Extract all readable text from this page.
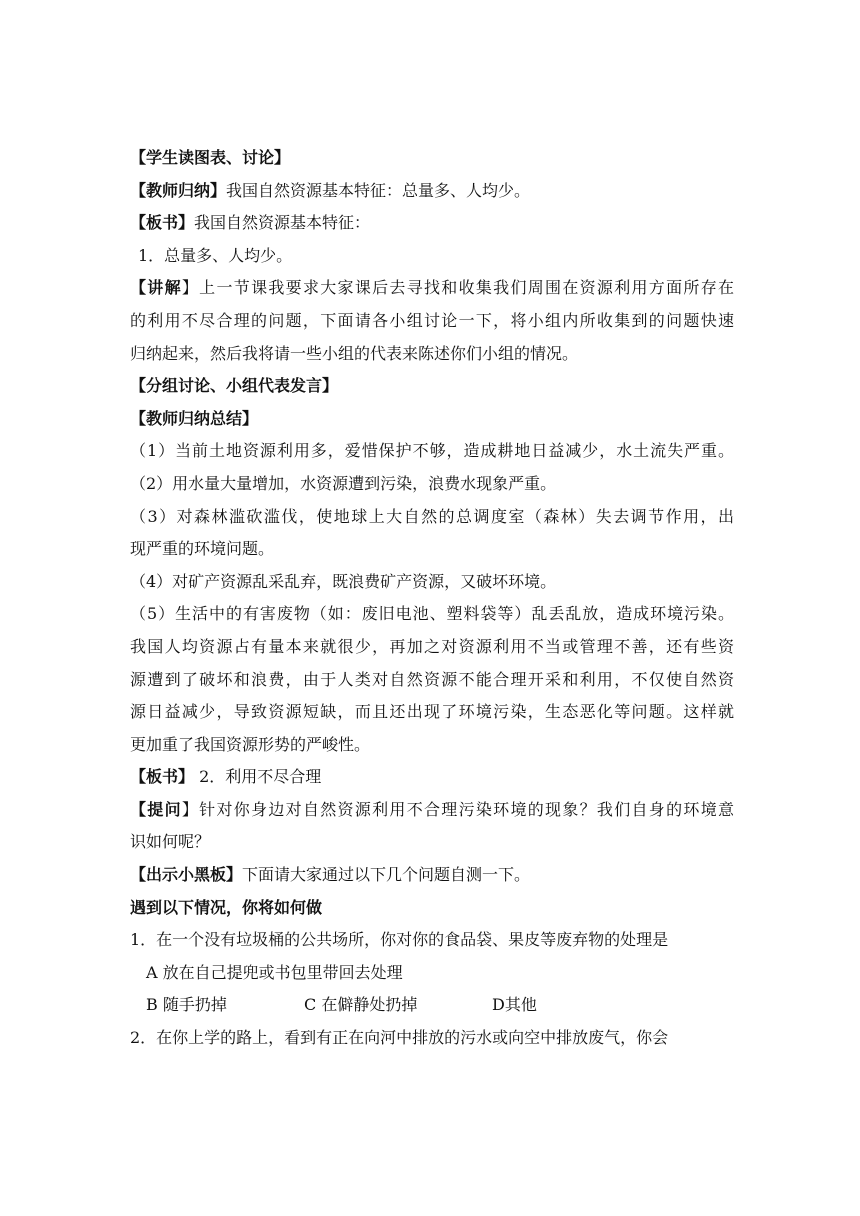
【学生读图表、讨论】
【教师归纳】我国自然资源基本特征：总量多、人均少。
【板书】我国自然资源基本特征：
1．总量多、人均少。
【讲解】上一节课我要求大家课后去寻找和收集我们周围在资源利用方面所存在
的利用不尽合理的问题，下面请各小组讨论一下，将小组内所收集到的问题快速
归纳起来，然后我将请一些小组的代表来陈述你们小组的情况。
【分组讨论、小组代表发言】
【教师归纳总结】
（1）当前土地资源利用多，爱惜保护不够，造成耕地日益减少，水土流失严重。
（2）用水量大量增加，水资源遭到污染，浪费水现象严重。
（3）对森林滥砍滥伐，使地球上大自然的总调度室（森林）失去调节作用，出
现严重的环境问题。
（4）对矿产资源乱采乱弃，既浪费矿产资源，又破坏环境。
（5）生活中的有害废物（如：废旧电池、塑料袋等）乱丢乱放，造成环境污染。
我国人均资源占有量本来就很少，再加之对资源利用不当或管理不善，还有些资
源遭到了破坏和浪费，由于人类对自然资源不能合理开采和利用，不仅使自然资
源日益减少，导致资源短缺，而且还出现了环境污染，生态恶化等问题。这样就
更加重了我国资源形势的严峻性。
【板书】 2．利用不尽合理
【提问】针对你身边对自然资源利用不合理污染环境的现象？我们自身的环境意
识如何呢？
【出示小黑板】下面请大家通过以下几个问题自测一下。
遇到以下情况，你将如何做
1．在一个没有垃圾桶的公共场所，你对你的食品袋、果皮等废弃物的处理是
A 放在自己提兜或书包里带回去处理
B 随手扔掉	C 在僻静处扔掉	D其他
2．在你上学的路上，看到有正在向河中排放的污水或向空中排放废气，你会
